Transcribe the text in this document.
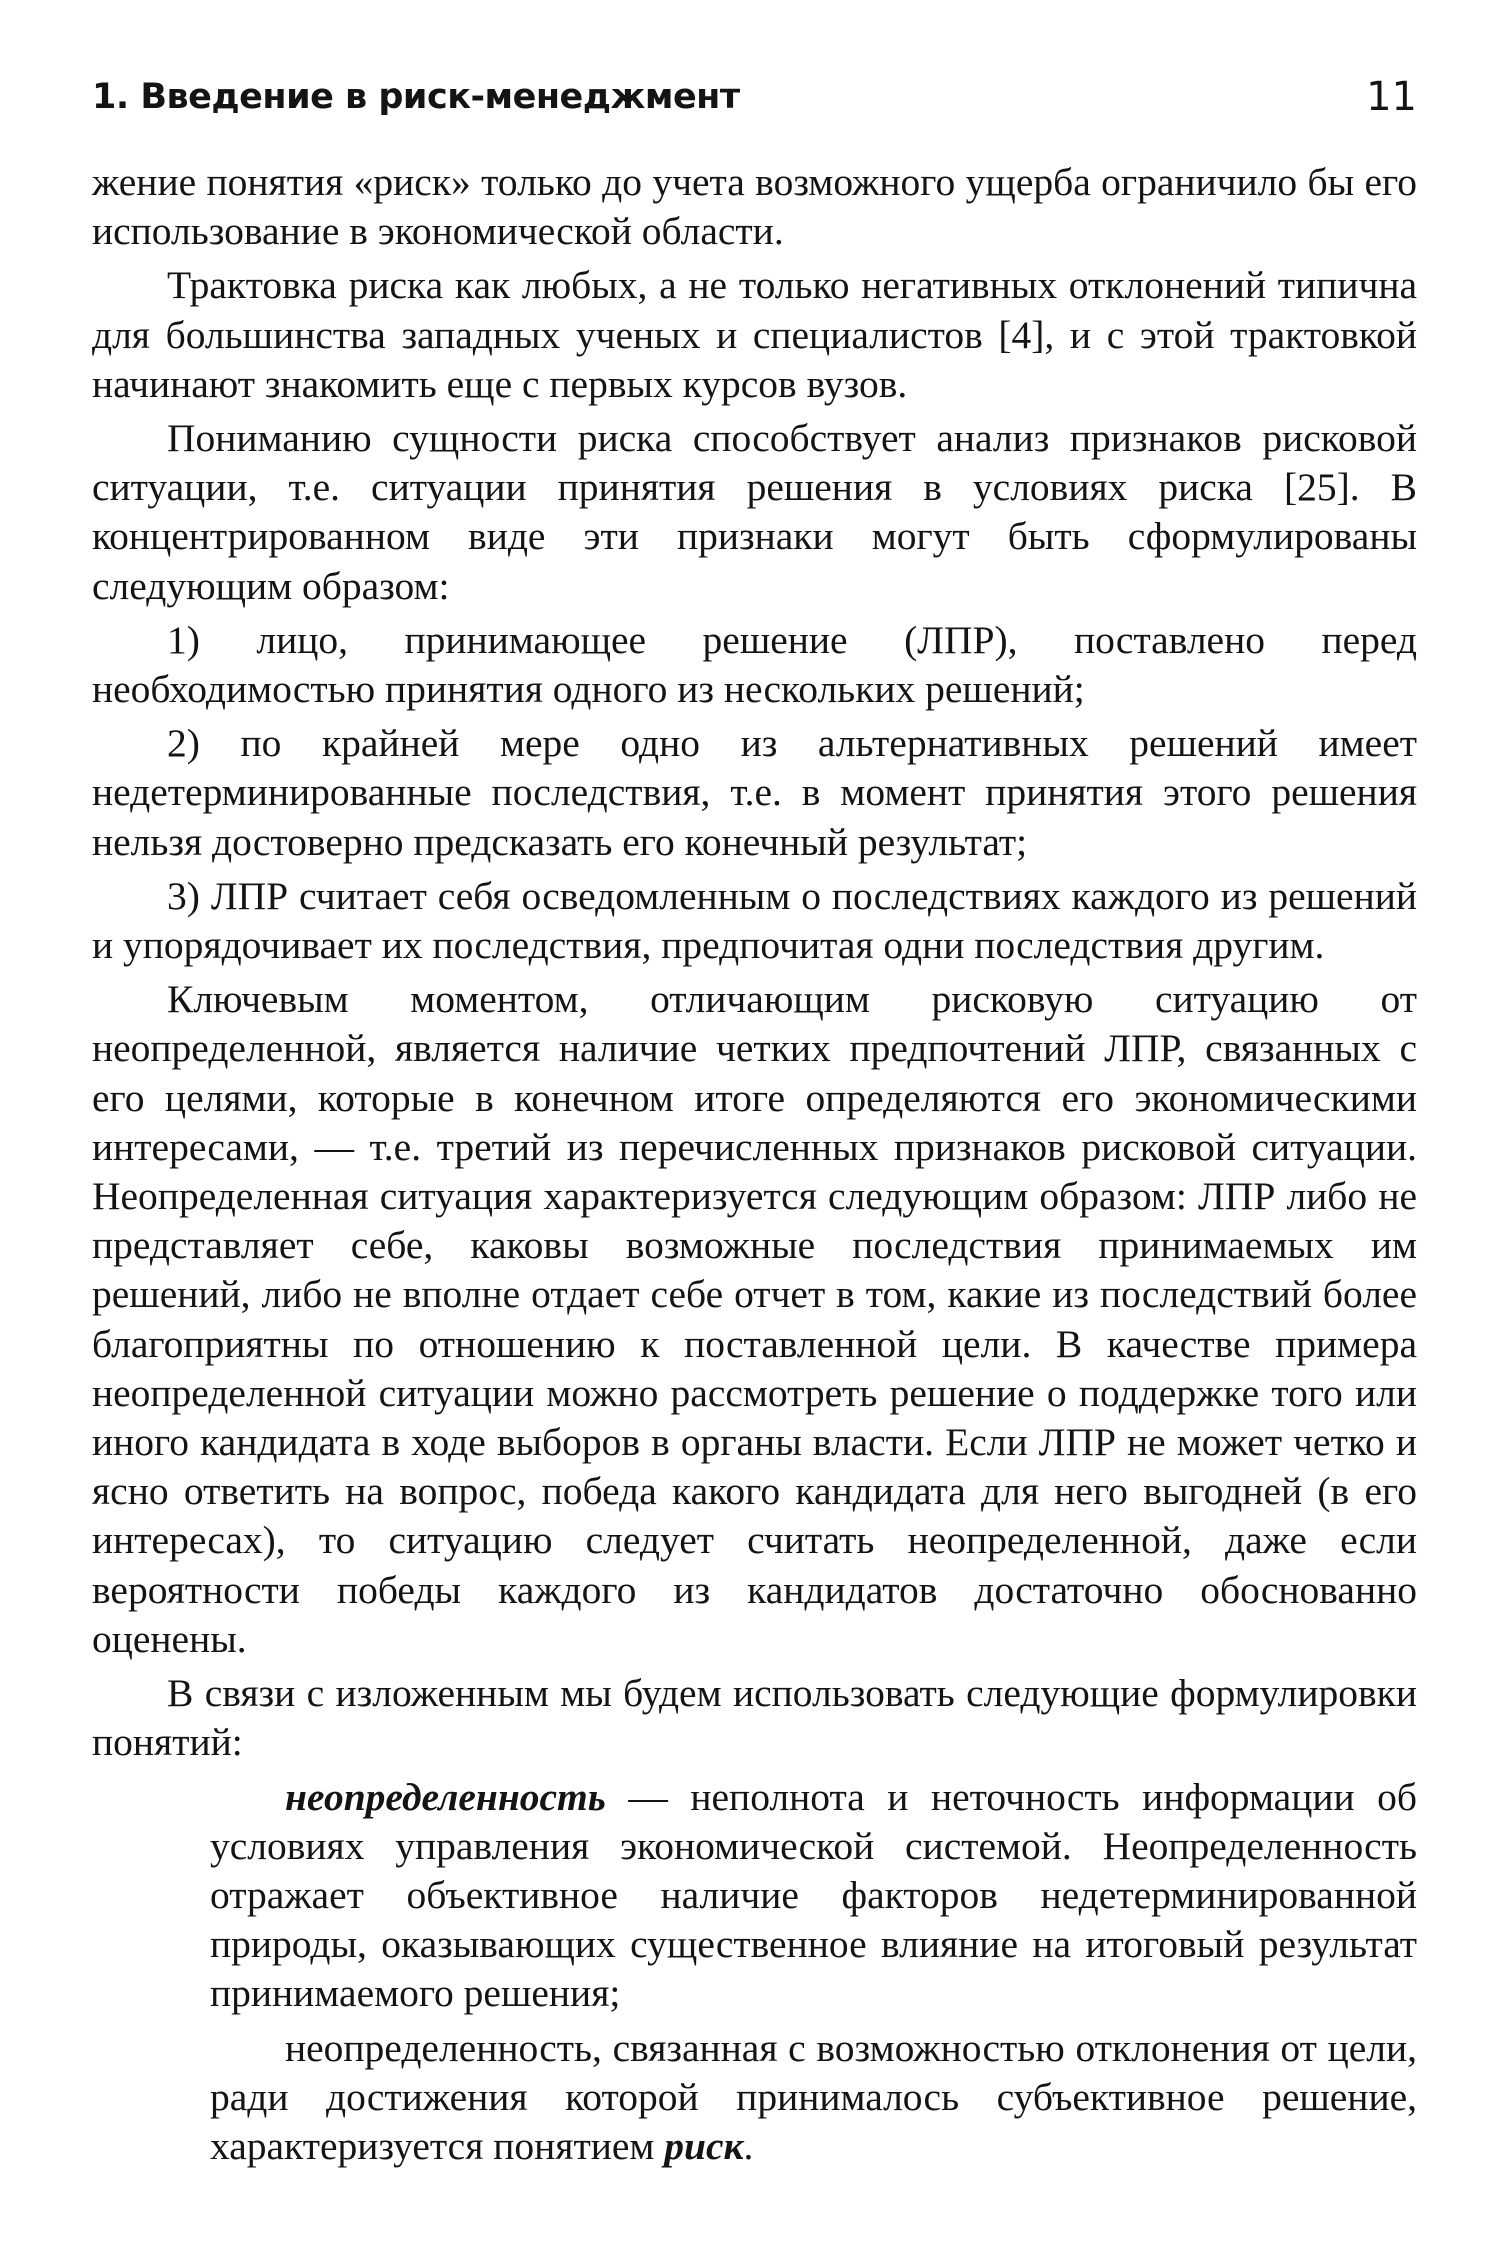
1. Введение в риск-менеджмент	11

жение понятия «риск» только до учета возможного ущерба ограничило бы его использование в экономической области.

Трактовка риска как любых, а не только негативных отклонений типична для большинства западных ученых и специалистов [4], и с этой трактовкой начинают знакомить еще с первых курсов вузов.

Пониманию сущности риска способствует анализ признаков рисковой ситуации, т.е. ситуации принятия решения в условиях риска [25]. В концентрированном виде эти признаки могут быть сформулированы следующим образом:

1) лицо, принимающее решение (ЛПР), поставлено перед необходимостью принятия одного из нескольких решений;

2) по крайней мере одно из альтернативных решений имеет недетерминированные последствия, т.е. в момент принятия этого решения нельзя достоверно предсказать его конечный результат;

3) ЛПР считает себя осведомленным о последствиях каждого из решений и упорядочивает их последствия, предпочитая одни последствия другим.

Ключевым моментом, отличающим рисковую ситуацию от неопределенной, является наличие четких предпочтений ЛПР, связанных с его целями, которые в конечном итоге определяются его экономическими интересами, — т.е. третий из перечисленных признаков рисковой ситуации. Неопределенная ситуация характеризуется следующим образом: ЛПР либо не представляет себе, каковы возможные последствия принимаемых им решений, либо не вполне отдает себе отчет в том, какие из последствий более благоприятны по отношению к поставленной цели. В качестве примера неопределенной ситуации можно рассмотреть решение о поддержке того или иного кандидата в ходе выборов в органы власти. Если ЛПР не может четко и ясно ответить на вопрос, победа какого кандидата для него выгодней (в его интересах), то ситуацию следует считать неопределенной, даже если вероятности победы каждого из кандидатов достаточно обоснованно оценены.

В связи с изложенным мы будем использовать следующие формулировки понятий:

неопределенность — неполнота и неточность информации об условиях управления экономической системой. Неопределенность отражает объективное наличие факторов недетерминированной природы, оказывающих существенное влияние на итоговый результат принимаемого решения;

неопределенность, связанная с возможностью отклонения от цели, ради достижения которой принималось субъективное решение, характеризуется понятием риск.
